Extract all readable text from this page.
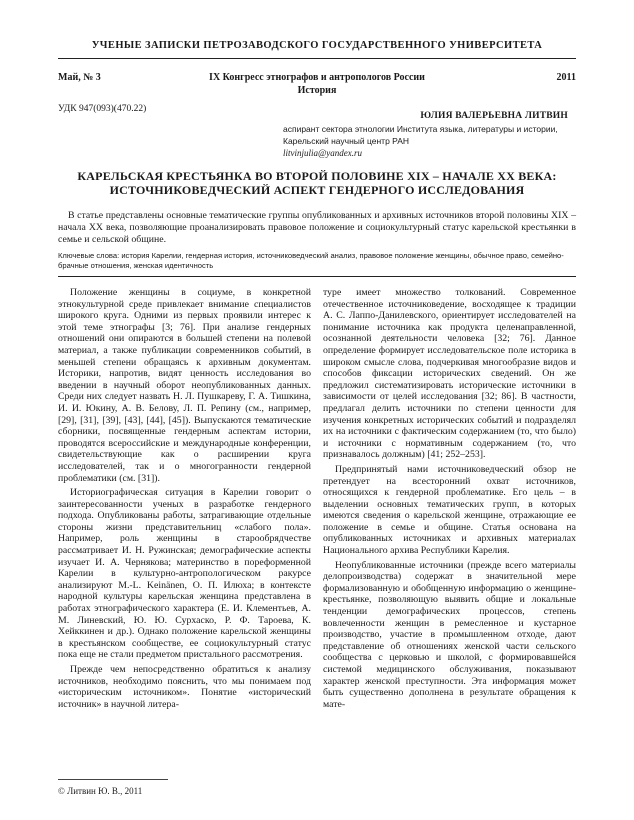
УЧЕНЫЕ ЗАПИСКИ ПЕТРОЗАВОДСКОГО ГОСУДАРСТВЕННОГО УНИВЕРСИТЕТА
Май, № 3	IX Конгресс этнографов и антропологов России	2011
История
УДК 947(093)(470.22)
ЮЛИЯ ВАЛЕРЬЕВНА ЛИТВИН
аспирант сектора этнологии Института языка, литературы и истории, Карельский научный центр РАН
litvinjulia@yandex.ru
КАРЕЛЬСКАЯ КРЕСТЬЯНКА ВО ВТОРОЙ ПОЛОВИНЕ XIX – НАЧАЛЕ XX ВЕКА: ИСТОЧНИКОВЕДЧЕСКИЙ АСПЕКТ ГЕНДЕРНОГО ИССЛЕДОВАНИЯ

В статье представлены основные тематические группы опубликованных и архивных источников второй половины XIX – начала XX века, позволяющие проанализировать правовое положение и социокультурный статус карельской крестьянки в семье и сельской общине.

Ключевые слова: история Карелии, гендерная история, источниковедческий анализ, правовое положение женщины, обычное право, семейно-брачные отношения, женская идентичность

Положение женщины в социуме, в конкретной этнокультурной среде привлекает внимание специалистов широкого круга. Одними из первых проявили интерес к этой теме этнографы [3; 76]. При анализе гендерных отношений они опираются в большей степени на полевой материал, а также публикации современников событий, в меньшей степени обращаясь к архивным документам. Историки, напротив, видят ценность исследования во введении в научный оборот неопубликованных данных. Среди них следует назвать Н. Л. Пушкареву, Г. А. Тишкина, И. И. Юкину, А. В. Белову, Л. П. Репину (см., например, [29], [31], [39], [43], [44], [45]). Выпускаются тематические сборники, посвященные гендерным аспектам истории, проводятся всероссийские и международные конференции, свидетельствующие как о расширении круга исследователей, так и о многогранности гендерной проблематики (см. [31]).

Историографическая ситуация в Карелии говорит о заинтересованности ученых в разработке гендерного подхода. Опубликованы работы, затрагивающие отдельные стороны жизни представительниц «слабого пола». Например, роль женщины в старообрядчестве рассматривает И. Н. Ружинская; демографические аспекты изучает И. А. Чернякова; материнство в пореформенной Карелии в культурно-антропологическом ракурсе анализируют M.-L. Keinänen, О. П. Илюха; в контексте народной культуры карельская женщина представлена в работах этнографического характера (Е. И. Клементьев, А. М. Линевский, Ю. Ю. Сурхаско, Р. Ф. Тароева, К. Хейккинен и др.). Однако положение карельской женщины в крестьянском сообществе, ее социокультурный статус пока еще не стали предметом пристального рассмотрения.

Прежде чем непосредственно обратиться к анализу источников, необходимо пояснить, что мы понимаем под «историческим источником». Понятие «исторический источник» в научной литера-

туре имеет множество толкований. Современное отечественное источниковедение, восходящее к традиции А. С. Лаппо-Данилевского, ориентирует исследователей на понимание источника как продукта целенаправленной, осознанной деятельности человека [32; 76]. Данное определение формирует исследовательское поле историка в широком смысле слова, подчеркивая многообразие видов и способов фиксации исторических сведений. Он же предложил систематизировать исторические источники в зависимости от целей исследования [32; 86]. В частности, предлагал делить источники по степени ценности для изучения конкретных исторических событий и подразделял их на источники с фактическим содержанием (то, что было) и источники с нормативным содержанием (то, что признавалось должным) [41; 252–253].

Предпринятый нами источниковедческий обзор не претендует на всесторонний охват источников, относящихся к гендерной проблематике. Его цель – в выделении основных тематических групп, в которых имеются сведения о карельской женщине, отражающие ее положение в семье и общине. Статья основана на опубликованных источниках и архивных материалах Национального архива Республики Карелия.

Неопубликованные источники (прежде всего материалы делопроизводства) содержат в значительной мере формализованную и обобщенную информацию о женщине-крестьянке, позволяющую выявить общие и локальные тенденции демографических процессов, степень вовлеченности женщин в ремесленное и кустарное производство, участие в промышленном отходе, дают представление об отношениях женской части сельского сообщества с церковью и школой, с формировавшейся системой медицинского обслуживания, показывают характер женской преступности. Эта информация может быть существенно дополнена в результате обращения к мате-

© Литвин Ю. В., 2011
